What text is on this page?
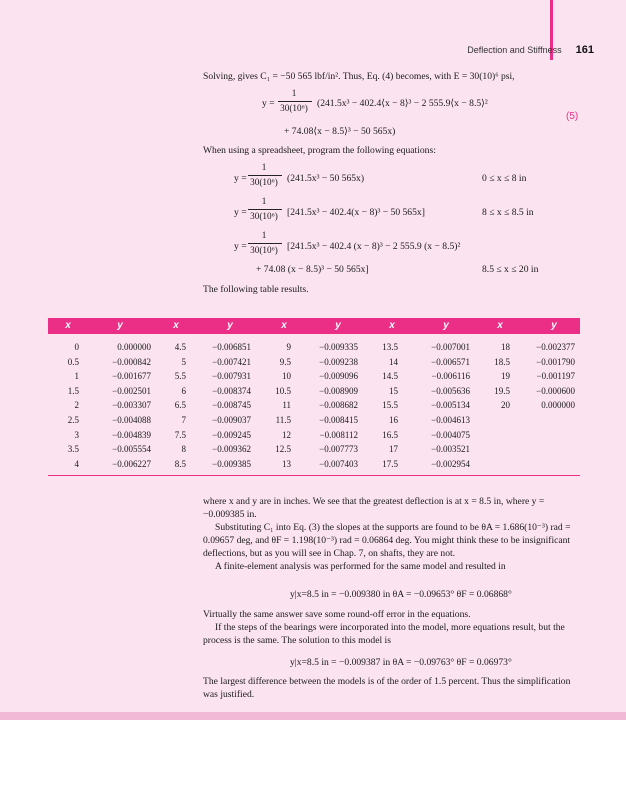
Deflection and Stiffness 161
Solving, gives C₁ = −50 565 lbf/in². Thus, Eq. (4) becomes, with E = 30(10)⁶ psi,
y =
1
30(10⁶) (241.5x³ − 402.4⟨x − 8⟩³ − 2 555.9⟨x − 8.5⟩²
(5)
+ 74.08⟨x − 8.5⟩³ − 50 565x)
When using a spreadsheet, program the following equations:
y =
1
30(10⁶) (241.5x³ − 50 565x)	0 ≤ x ≤ 8 in
y =
1
30(10⁶) [241.5x³ − 402.4(x − 8)³ − 50 565x]	8 ≤ x ≤ 8.5 in
y =
1
30(10⁶) [241.5x³ − 402.4 (x − 8)³ − 2 555.9 (x − 8.5)²
+ 74.08 (x − 8.5)³ − 50 565x]	8.5 ≤ x ≤ 20 in
The following table results.
x	y	x	y	x	y	x	y	x	y
0	0.000000	4.5	−0.006851	9	−0.009335	13.5	−0.007001	18	−0.002377
0.5	−0.000842	5	−0.007421	9.5	−0.009238	14	−0.006571	18.5	−0.001790
1	−0.001677	5.5	−0.007931	10	−0.009096	14.5	−0.006116	19	−0.001197
1.5	−0.002501	6	−0.008374	10.5	−0.008909	15	−0.005636	19.5	−0.000600
2	−0.003307	6.5	−0.008745	11	−0.008682	15.5	−0.005134	20	0.000000
2.5	−0.004088	7	−0.009037	11.5	−0.008415	16	−0.004613
3	−0.004839	7.5	−0.009245	12	−0.008112	16.5	−0.004075
3.5	−0.005554	8	−0.009362	12.5	−0.007773	17	−0.003521
4	−0.006227	8.5	−0.009385	13	−0.007403	17.5	−0.002954

where x and y are in inches. We see that the greatest deflection is at x = 8.5 in, where y = −0.009385 in.

Substituting C₁ into Eq. (3) the slopes at the supports are found to be θA = 1.686(10⁻³) rad = 0.09657 deg, and θF = 1.198(10⁻³) rad = 0.06864 deg. You might think these to be insignificant deflections, but as you will see in Chap. 7, on shafts, they are not.

A finite-element analysis was performed for the same model and resulted in

y|x=8.5 in = −0.009380 in θA = −0.09653° θF = 0.06868°

Virtually the same answer save some round-off error in the equations.

If the steps of the bearings were incorporated into the model, more equations result, but the process is the same. The solution to this model is

y|x=8.5 in = −0.009387 in θA = −0.09763° θF = 0.06973°

The largest difference between the models is of the order of 1.5 percent. Thus the simplification was justified.
